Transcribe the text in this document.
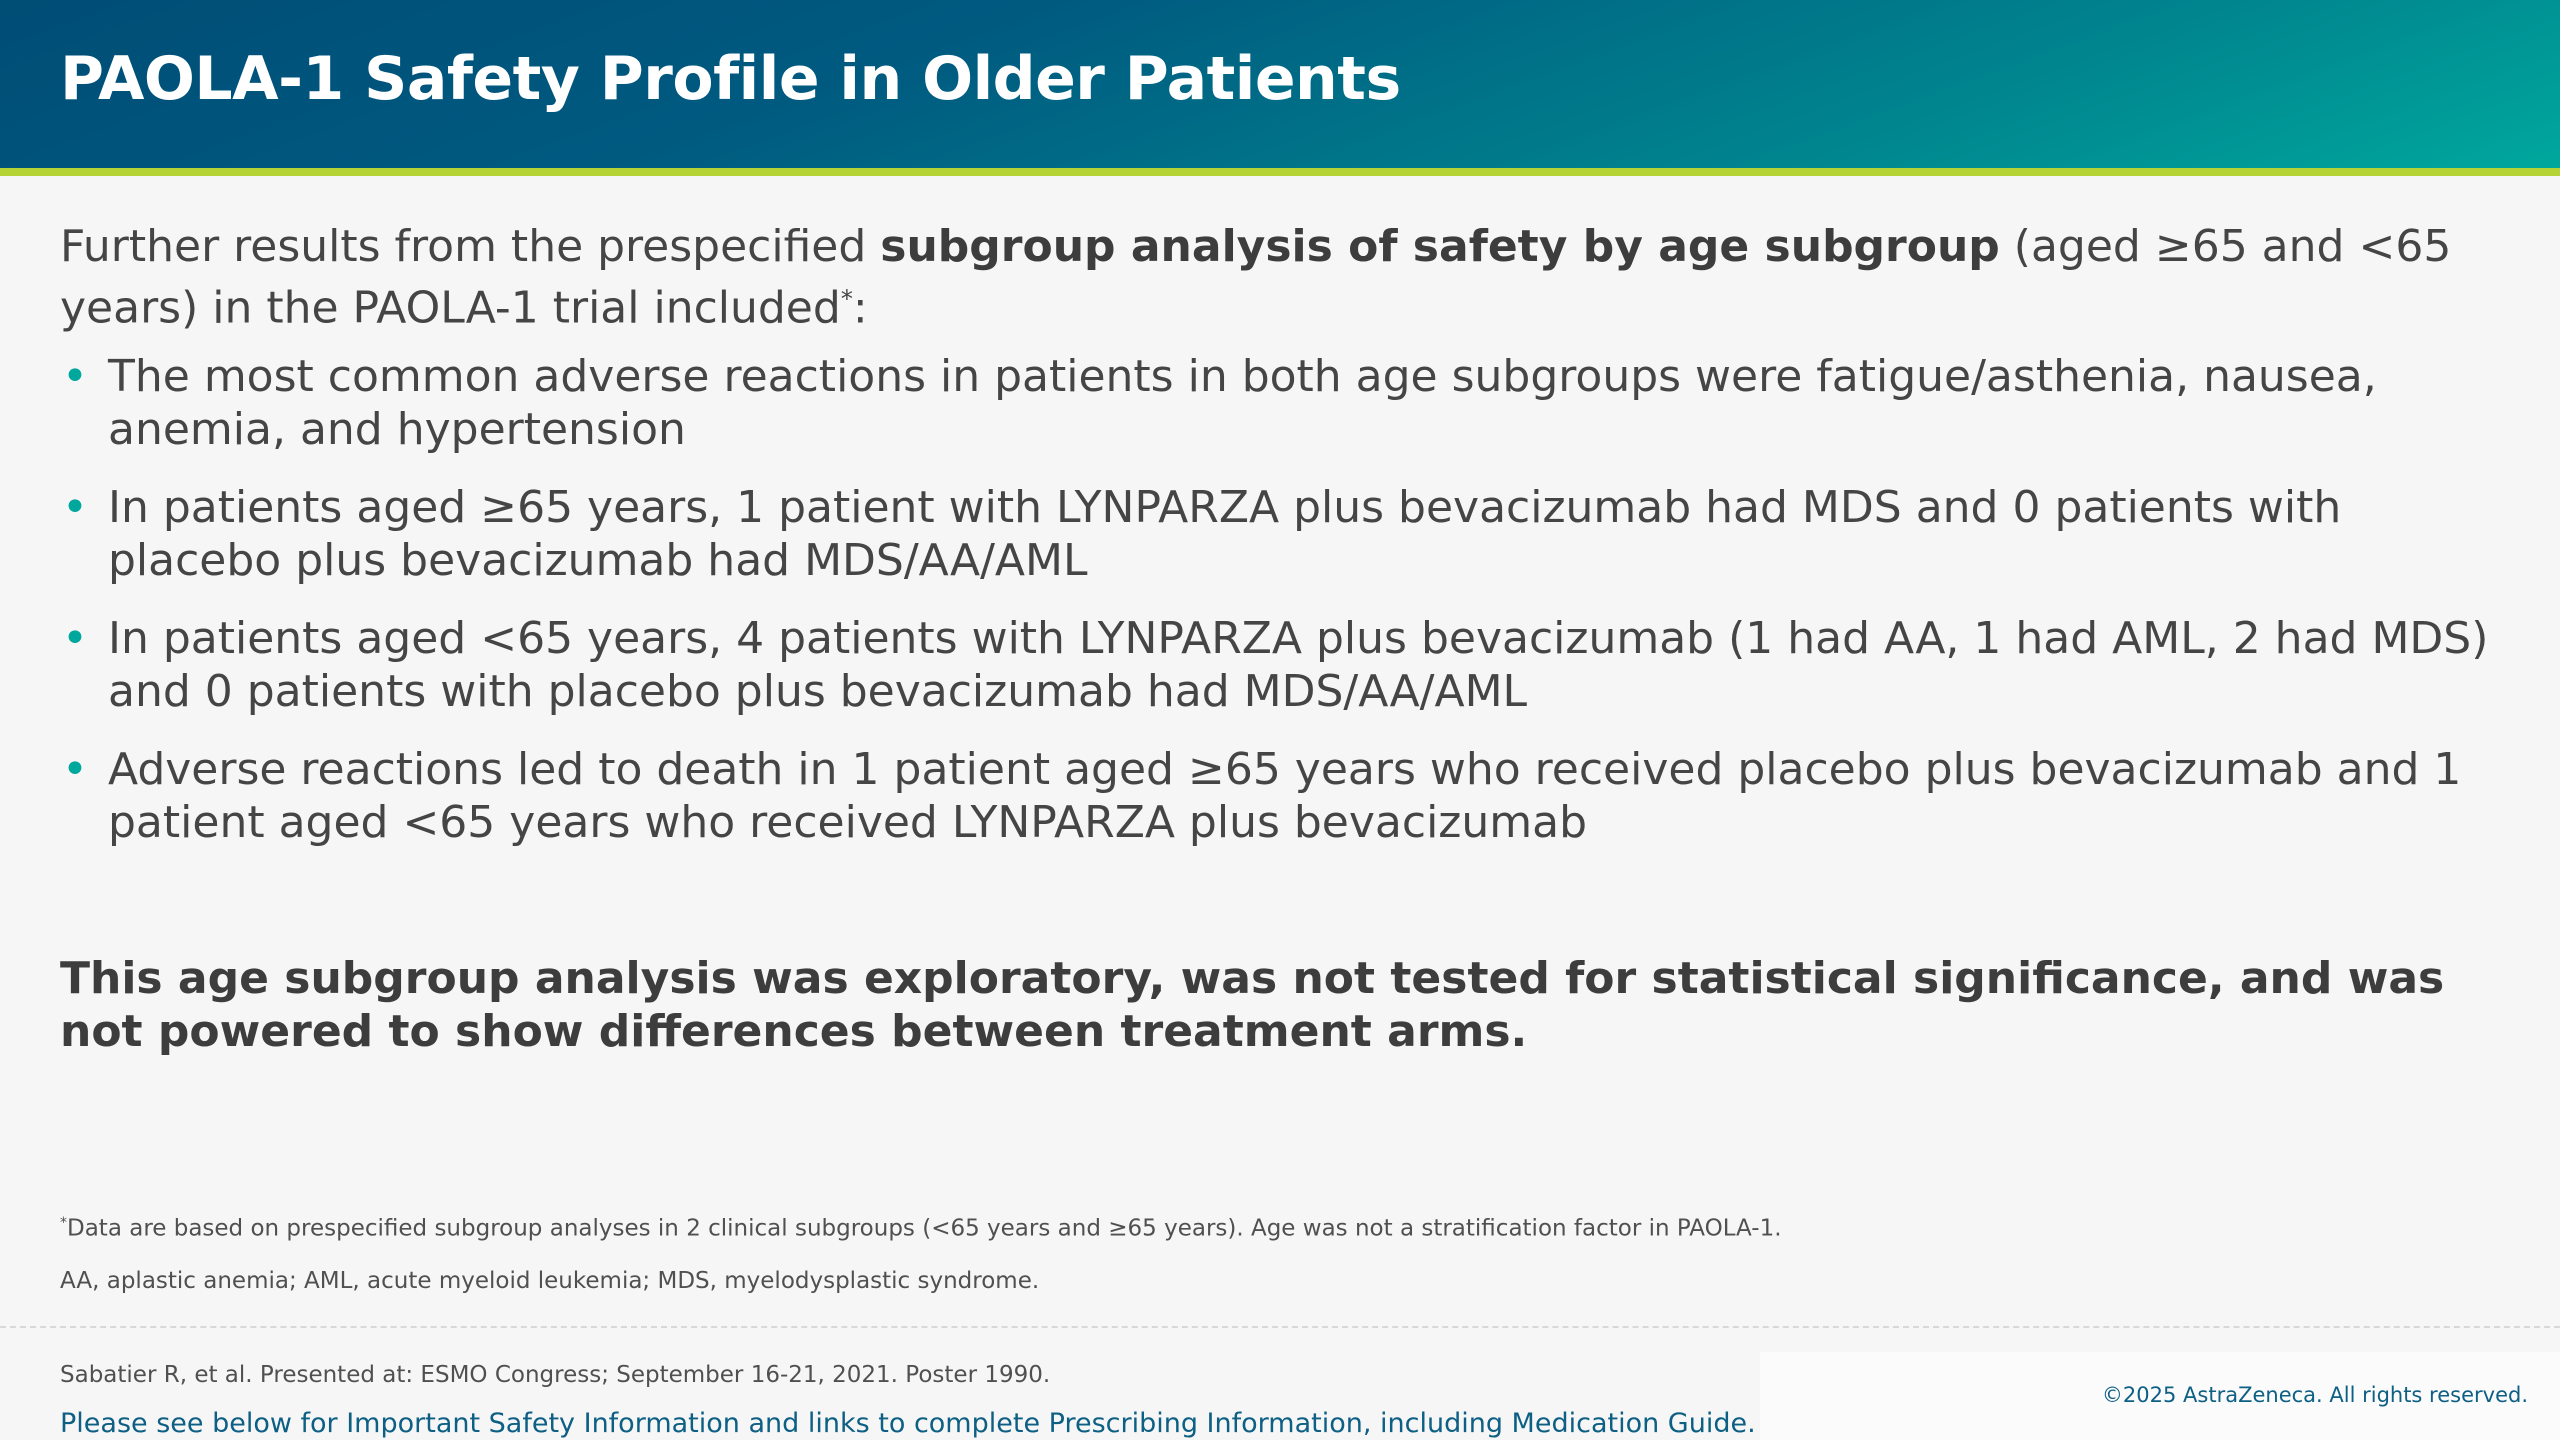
PAOLA-1 Safety Profile in Older Patients
Further results from the prespecified subgroup analysis of safety by age subgroup (aged ≥65 and <65 years) in the PAOLA-1 trial included*:
• The most common adverse reactions in patients in both age subgroups were fatigue/asthenia, nausea, anemia, and hypertension
• In patients aged ≥65 years, 1 patient with LYNPARZA plus bevacizumab had MDS and 0 patients with placebo plus bevacizumab had MDS/AA/AML
• In patients aged <65 years, 4 patients with LYNPARZA plus bevacizumab (1 had AA, 1 had AML, 2 had MDS) and 0 patients with placebo plus bevacizumab had MDS/AA/AML
• Adverse reactions led to death in 1 patient aged ≥65 years who received placebo plus bevacizumab and 1 patient aged <65 years who received LYNPARZA plus bevacizumab
This age subgroup analysis was exploratory, was not tested for statistical significance, and was not powered to show differences between treatment arms.
*Data are based on prespecified subgroup analyses in 2 clinical subgroups (<65 years and ≥65 years). Age was not a stratification factor in PAOLA-1.
AA, aplastic anemia; AML, acute myeloid leukemia; MDS, myelodysplastic syndrome.
Sabatier R, et al. Presented at: ESMO Congress; September 16-21, 2021. Poster 1990.
Please see below for Important Safety Information and links to complete Prescribing Information, including Medication Guide.
©2025 AstraZeneca. All rights reserved.
